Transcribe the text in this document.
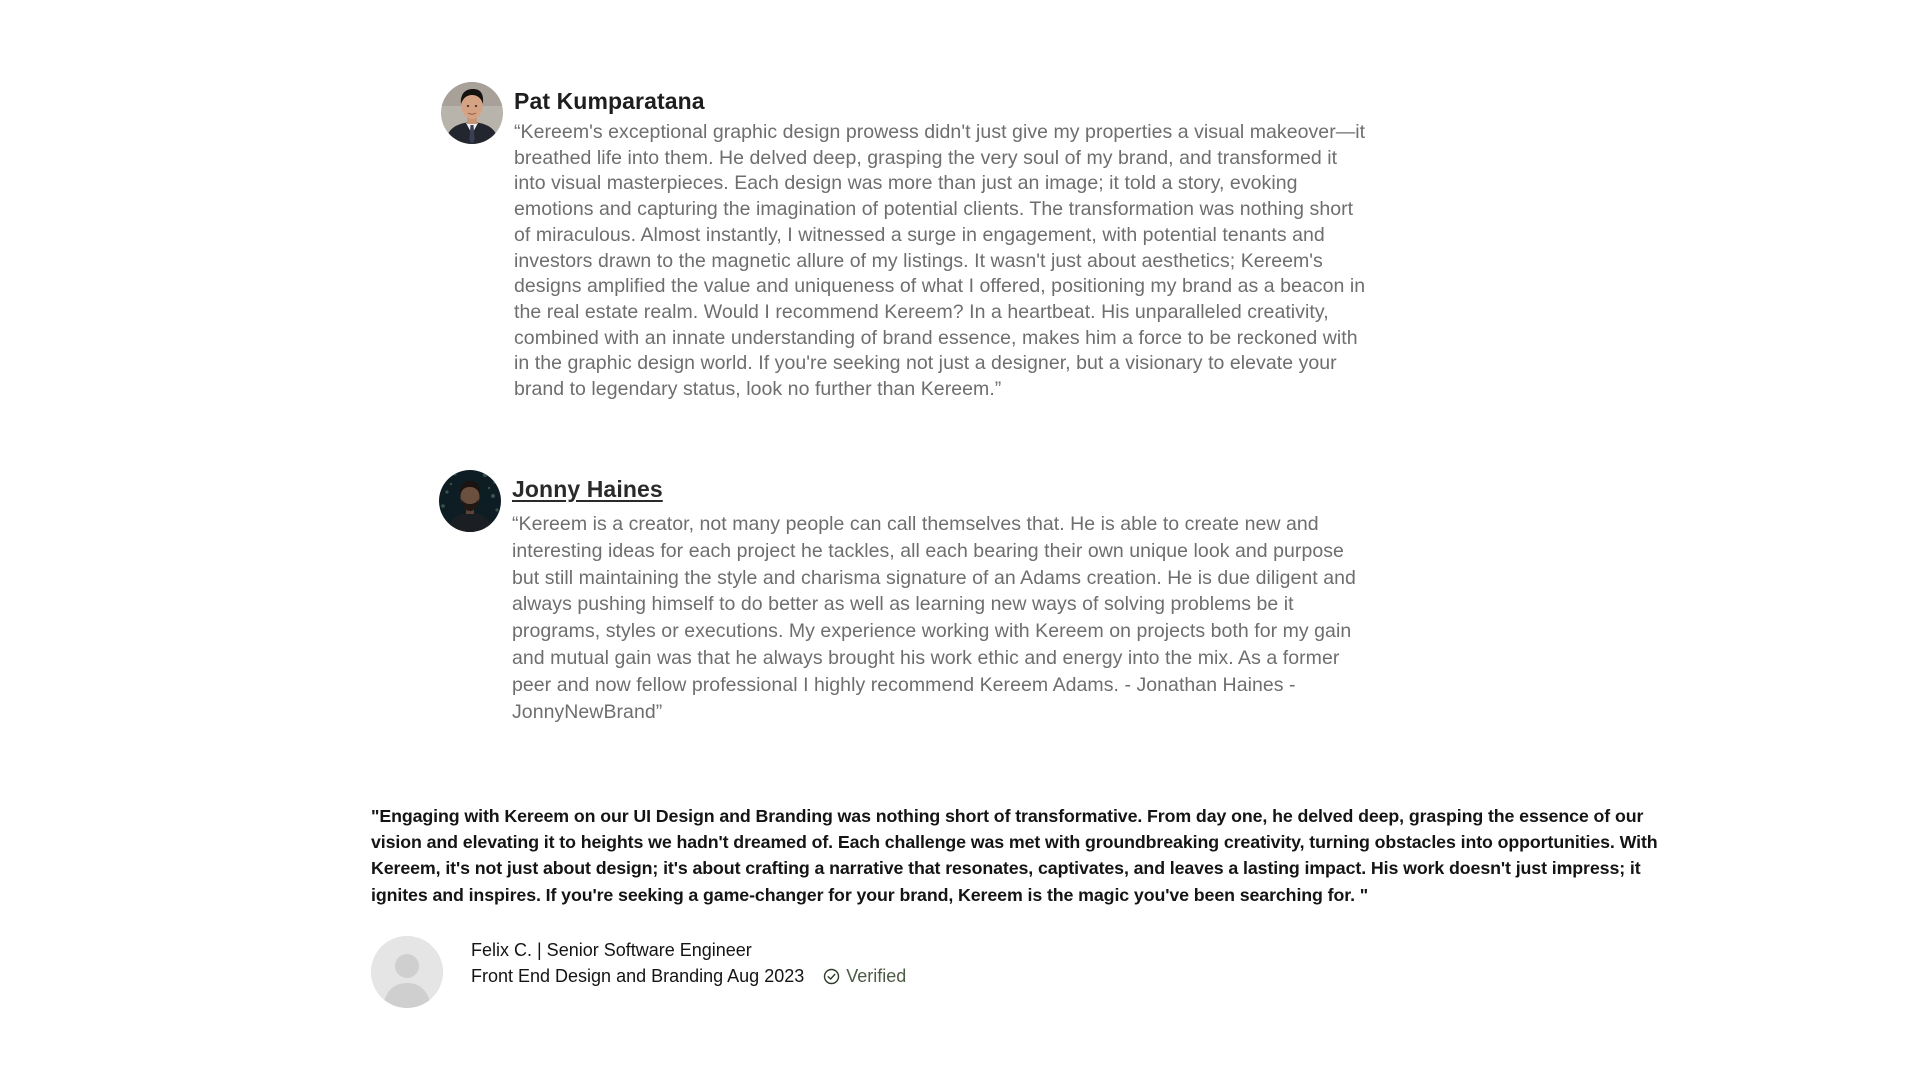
Pat Kumparatana

“Kereem's exceptional graphic design prowess didn't just give my properties a visual makeover—it breathed life into them. He delved deep, grasping the very soul of my brand, and transformed it into visual masterpieces. Each design was more than just an image; it told a story, evoking emotions and capturing the imagination of potential clients. The transformation was nothing short of miraculous. Almost instantly, I witnessed a surge in engagement, with potential tenants and investors drawn to the magnetic allure of my listings. It wasn't just about aesthetics; Kereem's designs amplified the value and uniqueness of what I offered, positioning my brand as a beacon in the real estate realm. Would I recommend Kereem? In a heartbeat. His unparalleled creativity, combined with an innate understanding of brand essence, makes him a force to be reckoned with in the graphic design world. If you're seeking not just a designer, but a visionary to elevate your brand to legendary status, look no further than Kereem.”

Jonny Haines

“Kereem is a creator, not many people can call themselves that. He is able to create new and interesting ideas for each project he tackles, all each bearing their own unique look and purpose but still maintaining the style and charisma signature of an Adams creation. He is due diligent and always pushing himself to do better as well as learning new ways of solving problems be it programs, styles or executions. My experience working with Kereem on projects both for my gain and mutual gain was that he always brought his work ethic and energy into the mix. As a former peer and now fellow professional I highly recommend Kereem Adams. - Jonathan Haines - JonnyNewBrand”

"Engaging with Kereem on our UI Design and Branding was nothing short of transformative. From day one, he delved deep, grasping the essence of our vision and elevating it to heights we hadn't dreamed of. Each challenge was met with groundbreaking creativity, turning obstacles into opportunities. With Kereem, it's not just about design; it's about crafting a narrative that resonates, captivates, and leaves a lasting impact. His work doesn't just impress; it ignites and inspires. If you're seeking a game-changer for your brand, Kereem is the magic you've been searching for. "

Felix C. | Senior Software Engineer
Front End Design and Branding Aug 2023 Verified
